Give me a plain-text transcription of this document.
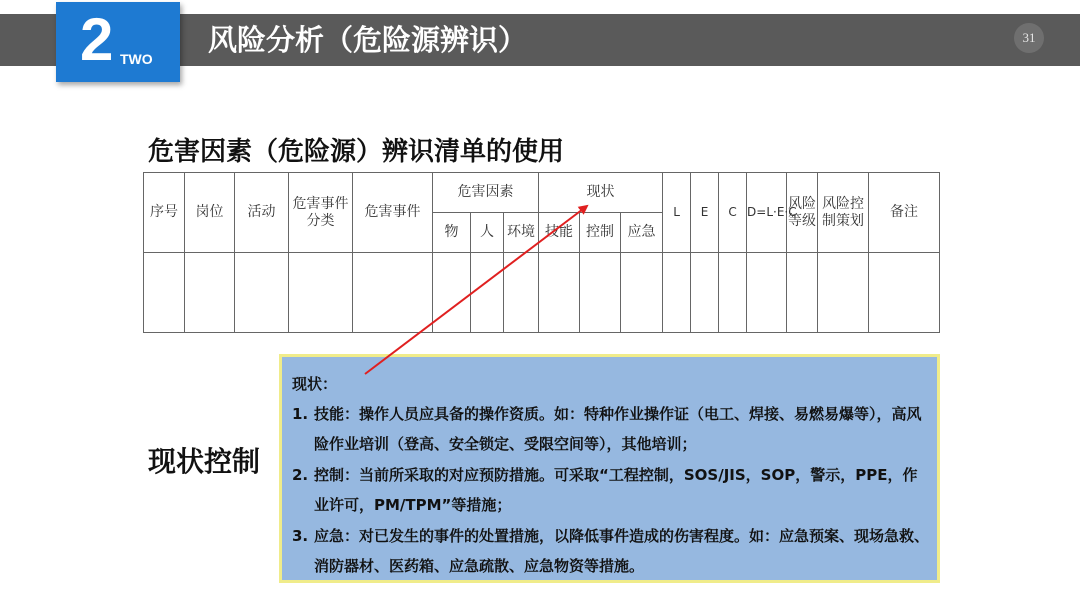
风险分析（危险源辨识）
2 TWO
31
危害因素（危险源）辨识清单的使用
序号	岗位	活动	危害事件分类	危害事件	危害因素			现状			L	E	C	D=L·E·C	风险等级	风险控制策划	备注
					物	人	环境	技能	控制	应急							

现状控制
现状：
1. 技能：操作人员应具备的操作资质。如：特种作业操作证（电工、焊接、易燃易爆等），高风险作业培训（登高、安全锁定、受限空间等），其他培训；
2. 控制：当前所采取的对应预防措施。可采取“工程控制，SOS/JIS，SOP，警示，PPE，作业许可，PM/TPM”等措施；
3. 应急：对已发生的事件的处置措施，以降低事件造成的伤害程度。如：应急预案、现场急救、消防器材、医药箱、应急疏散、应急物资等措施。
